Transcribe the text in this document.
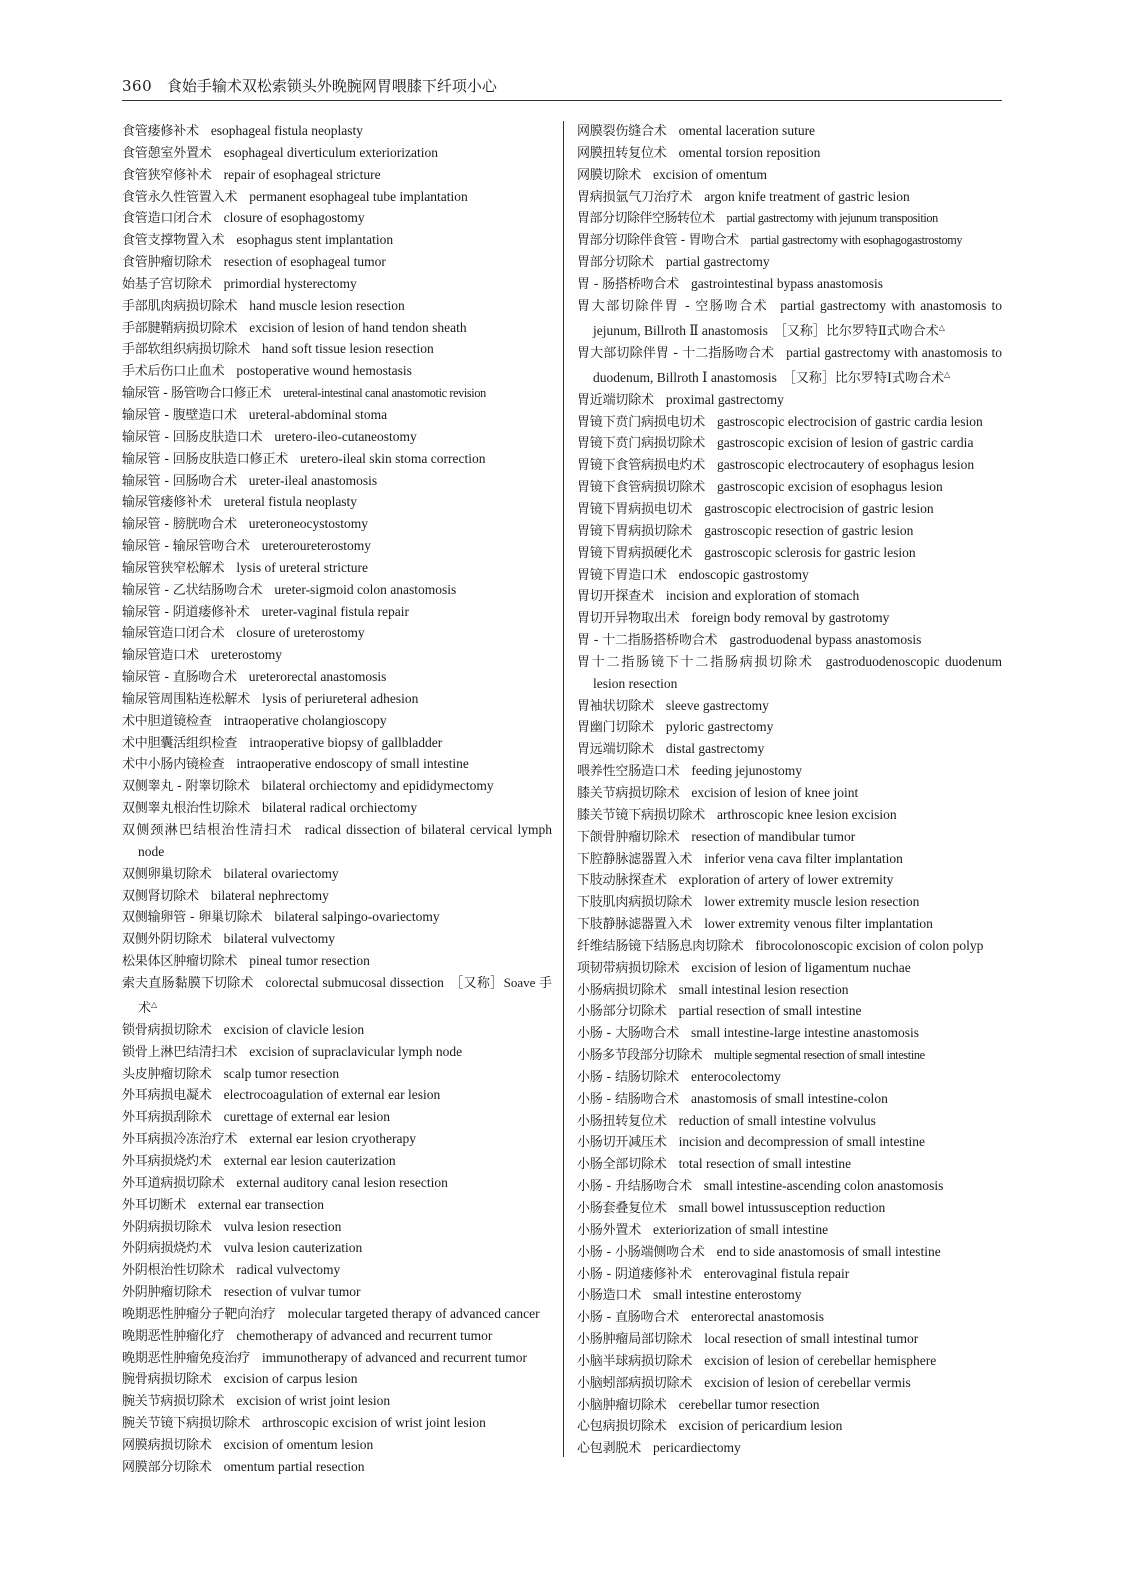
360 食始手输术双松索锁头外晚腕网胃喂膝下纤项小心

食管瘘修补术 esophageal fistula neoplasty

食管憩室外置术 esophageal diverticulum exteriorization

食管狭窄修补术 repair of esophageal stricture

食管永久性管置入术 permanent esophageal tube implantation

食管造口闭合术 closure of esophagostomy

食管支撑物置入术 esophagus stent implantation

食管肿瘤切除术 resection of esophageal tumor

始基子宫切除术 primordial hysterectomy

手部肌肉病损切除术 hand muscle lesion resection

手部腱鞘病损切除术 excision of lesion of hand tendon sheath

手部软组织病损切除术 hand soft tissue lesion resection

手术后伤口止血术 postoperative wound hemostasis

输尿管 - 肠管吻合口修正术 ureteral-intestinal canal anastomotic revision

输尿管 - 腹壁造口术 ureteral-abdominal stoma

输尿管 - 回肠皮肤造口术 uretero-ileo-cutaneostomy

输尿管 - 回肠皮肤造口修正术 uretero-ileal skin stoma correction

输尿管 - 回肠吻合术 ureter-ileal anastomosis

输尿管瘘修补术 ureteral fistula neoplasty

输尿管 - 膀胱吻合术 ureteroneocystostomy

输尿管 - 输尿管吻合术 ureteroureterostomy

输尿管狭窄松解术 lysis of ureteral stricture

输尿管 - 乙状结肠吻合术 ureter-sigmoid colon anastomosis

输尿管 - 阴道瘘修补术 ureter-vaginal fistula repair

输尿管造口闭合术 closure of ureterostomy

输尿管造口术 ureterostomy

输尿管 - 直肠吻合术 ureterorectal anastomosis

输尿管周围粘连松解术 lysis of periureteral adhesion

术中胆道镜检查 intraoperative cholangioscopy

术中胆囊活组织检查 intraoperative biopsy of gallbladder

术中小肠内镜检查 intraoperative endoscopy of small intestine

双侧睾丸 - 附睾切除术 bilateral orchiectomy and epididymectomy

双侧睾丸根治性切除术 bilateral radical orchiectomy

双侧颈淋巴结根治性清扫术 radical dissection of bilateral cervical lymph node

双侧卵巢切除术 bilateral ovariectomy

双侧肾切除术 bilateral nephrectomy

双侧输卵管 - 卵巢切除术 bilateral salpingo-ovariectomy

双侧外阴切除术 bilateral vulvectomy

松果体区肿瘤切除术 pineal tumor resection

索夫直肠黏膜下切除术 colorectal submucosal dissection ［又称］Soave 手术△

锁骨病损切除术 excision of clavicle lesion

锁骨上淋巴结清扫术 excision of supraclavicular lymph node

头皮肿瘤切除术 scalp tumor resection

外耳病损电凝术 electrocoagulation of external ear lesion

外耳病损刮除术 curettage of external ear lesion

外耳病损冷冻治疗术 external ear lesion cryotherapy

外耳病损烧灼术 external ear lesion cauterization

外耳道病损切除术 external auditory canal lesion resection

外耳切断术 external ear transection

外阴病损切除术 vulva lesion resection

外阴病损烧灼术 vulva lesion cauterization

外阴根治性切除术 radical vulvectomy

外阴肿瘤切除术 resection of vulvar tumor

晚期恶性肿瘤分子靶向治疗 molecular targeted therapy of advanced cancer

晚期恶性肿瘤化疗 chemotherapy of advanced and recurrent tumor

晚期恶性肿瘤免疫治疗 immunotherapy of advanced and recurrent tumor

腕骨病损切除术 excision of carpus lesion

腕关节病损切除术 excision of wrist joint lesion

腕关节镜下病损切除术 arthroscopic excision of wrist joint lesion

网膜病损切除术 excision of omentum lesion

网膜部分切除术 omentum partial resection

网膜裂伤缝合术 omental laceration suture

网膜扭转复位术 omental torsion reposition

网膜切除术 excision of omentum

胃病损氩气刀治疗术 argon knife treatment of gastric lesion

胃部分切除伴空肠转位术 partial gastrectomy with jejunum transposition

胃部分切除伴食管 - 胃吻合术 partial gastrectomy with esophagogastrostomy

胃部分切除术 partial gastrectomy

胃 - 肠搭桥吻合术 gastrointestinal bypass anastomosis

胃大部切除伴胃 - 空肠吻合术 partial gastrectomy with anastomosis to jejunum, Billroth Ⅱ anastomosis ［又称］比尔罗特Ⅱ式吻合术△

胃大部切除伴胃 - 十二指肠吻合术 partial gastrectomy with anastomosis to duodenum, Billroth Ⅰ anastomosis ［又称］比尔罗特Ⅰ式吻合术△

胃近端切除术 proximal gastrectomy

胃镜下贲门病损电切术 gastroscopic electrocision of gastric cardia lesion

胃镜下贲门病损切除术 gastroscopic excision of lesion of gastric cardia

胃镜下食管病损电灼术 gastroscopic electrocautery of esophagus lesion

胃镜下食管病损切除术 gastroscopic excision of esophagus lesion

胃镜下胃病损电切术 gastroscopic electrocision of gastric lesion

胃镜下胃病损切除术 gastroscopic resection of gastric lesion

胃镜下胃病损硬化术 gastroscopic sclerosis for gastric lesion

胃镜下胃造口术 endoscopic gastrostomy

胃切开探查术 incision and exploration of stomach

胃切开异物取出术 foreign body removal by gastrotomy

胃 - 十二指肠搭桥吻合术 gastroduodenal bypass anastomosis

胃十二指肠镜下十二指肠病损切除术 gastroduodenoscopic duodenum lesion resection

胃袖状切除术 sleeve gastrectomy

胃幽门切除术 pyloric gastrectomy

胃远端切除术 distal gastrectomy

喂养性空肠造口术 feeding jejunostomy

膝关节病损切除术 excision of lesion of knee joint

膝关节镜下病损切除术 arthroscopic knee lesion excision

下颌骨肿瘤切除术 resection of mandibular tumor

下腔静脉滤器置入术 inferior vena cava filter implantation

下肢动脉探查术 exploration of artery of lower extremity

下肢肌肉病损切除术 lower extremity muscle lesion resection

下肢静脉滤器置入术 lower extremity venous filter implantation

纤维结肠镜下结肠息肉切除术 fibrocolonoscopic excision of colon polyp

项韧带病损切除术 excision of lesion of ligamentum nuchae

小肠病损切除术 small intestinal lesion resection

小肠部分切除术 partial resection of small intestine

小肠 - 大肠吻合术 small intestine-large intestine anastomosis

小肠多节段部分切除术 multiple segmental resection of small intestine

小肠 - 结肠切除术 enterocolectomy

小肠 - 结肠吻合术 anastomosis of small intestine-colon

小肠扭转复位术 reduction of small intestine volvulus

小肠切开减压术 incision and decompression of small intestine

小肠全部切除术 total resection of small intestine

小肠 - 升结肠吻合术 small intestine-ascending colon anastomosis

小肠套叠复位术 small bowel intussusception reduction

小肠外置术 exteriorization of small intestine

小肠 - 小肠端侧吻合术 end to side anastomosis of small intestine

小肠 - 阴道瘘修补术 enterovaginal fistula repair

小肠造口术 small intestine enterostomy

小肠 - 直肠吻合术 enterorectal anastomosis

小肠肿瘤局部切除术 local resection of small intestinal tumor

小脑半球病损切除术 excision of lesion of cerebellar hemisphere

小脑蚓部病损切除术 excision of lesion of cerebellar vermis

小脑肿瘤切除术 cerebellar tumor resection

心包病损切除术 excision of pericardium lesion

心包剥脱术 pericardiectomy
